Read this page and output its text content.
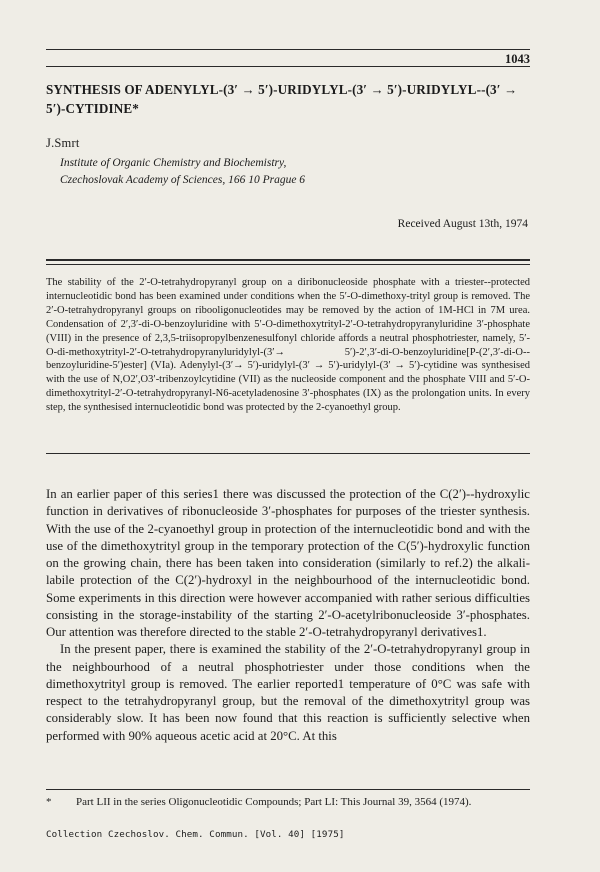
1043
SYNTHESIS OF ADENYLYL-(3′ → 5′)-URIDYLYL-(3′ → 5′)-URIDYLYL--(3′ → 5′)-CYTIDINE*
J.Smrt
Institute of Organic Chemistry and Biochemistry,
Czechoslovak Academy of Sciences, 166 10 Prague 6
Received August 13th, 1974
The stability of the 2′-O-tetrahydropyranyl group on a diribonucleoside phosphate with a triester--protected internucleotidic bond has been examined under conditions when the 5′-O-dimethoxy-trityl group is removed. The 2′-O-tetrahydropyranyl groups on ribooligonucleotides may be removed by the action of 1M-HCl in 7M urea. Condensation of 2′,3′-di-O-benzoyluridine with 5′-O-dimethoxytrityl-2′-O-tetrahydropyranyluridine 3′-phosphate (VIII) in the presence of 2,3,5-triisopropylbenzenesulfonyl chloride affords a neutral phosphotriester, namely, 5′-O-di-methoxytrityl-2′-O-tetrahydropyranyluridylyl-(3′→ 5′)-2′,3′-di-O-benzoyluridine[P-(2′,3′-di-O--benzoyluridine-5′)ester] (VIa). Adenylyl-(3′→ 5′)-uridylyl-(3′ → 5′)-uridylyl-(3′ → 5′)-cytidine was synthesised with the use of N,O2′,O3′-tribenzoylcytidine (VII) as the nucleoside component and the phosphate VIII and 5′-O-dimethoxytrityl-2′-O-tetrahydropyranyl-N6-acetyladenosine 3′-phosphates (IX) as the prolongation units. In every step, the synthesised internucleotidic bond was protected by the 2-cyanoethyl group.

In an earlier paper of this series1 there was discussed the protection of the C(2′)--hydroxylic function in derivatives of ribonucleoside 3′-phosphates for purposes of the triester synthesis. With the use of the 2-cyanoethyl group in protection of the internucleotidic bond and with the use of the dimethoxytrityl group in the temporary protection of the C(5′)-hydroxylic function on the growing chain, there has been taken into consideration (similarly to ref.2) the alkali-labile protection of the C(2′)-hydroxyl in the neighbourhood of the internucleotidic bond. Some experiments in this direction were however accompanied with rather serious difficulties consisting in the storage-instability of the starting 2′-O-acetylribonucleoside 3′-phosphates. Our attention was therefore directed to the stable 2′-O-tetrahydropyranyl derivatives1.

In the present paper, there is examined the stability of the 2′-O-tetrahydropyranyl group in the neighbourhood of a neutral phosphotriester under those conditions when the dimethoxytrityl group is removed. The earlier reported1 temperature of 0°C was safe with respect to the tetrahydropyranyl group, but the removal of the dimethoxytrityl group was considerably slow. It has been now found that this reaction is sufficiently selective when performed with 90% aqueous acetic acid at 20°C. At this

* Part LII in the series Oligonucleotidic Compounds; Part LI: This Journal 39, 3564 (1974).
Collection Czechoslov. Chem. Commun. [Vol. 40] [1975]
